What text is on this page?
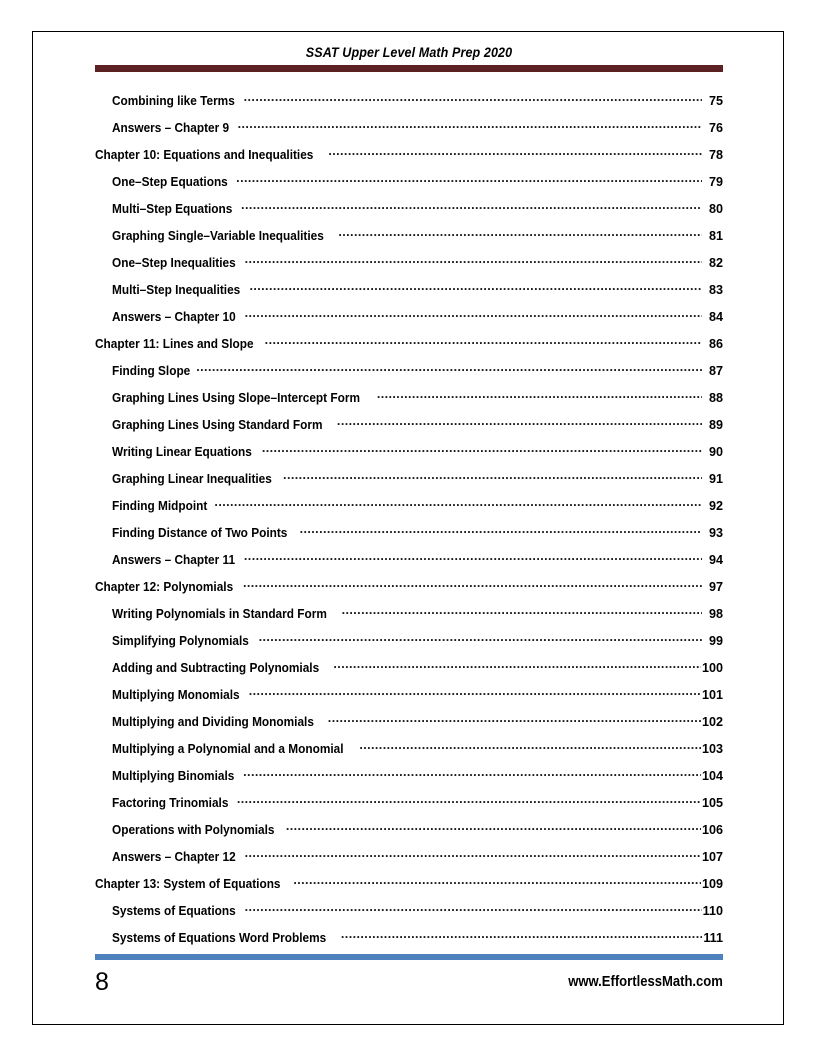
SSAT Upper Level Math Prep 2020
Combining like Terms .....	75
Answers – Chapter 9 .....	76
Chapter 10: Equations and Inequalities .....	78
One–Step Equations .....	79
Multi–Step Equations .....	80
Graphing Single–Variable Inequalities .....	81
One–Step Inequalities .....	82
Multi–Step Inequalities .....	83
Answers – Chapter 10 .....	84
Chapter 11: Lines and Slope .....	86
Finding Slope .....	87
Graphing Lines Using Slope–Intercept Form .....	88
Graphing Lines Using Standard Form .....	89
Writing Linear Equations .....	90
Graphing Linear Inequalities .....	91
Finding Midpoint .....	92
Finding Distance of Two Points .....	93
Answers – Chapter 11 .....	94
Chapter 12: Polynomials .....	97
Writing Polynomials in Standard Form .....	98
Simplifying Polynomials .....	99
Adding and Subtracting Polynomials .....	100
Multiplying Monomials .....	101
Multiplying and Dividing Monomials .....	102
Multiplying a Polynomial and a Monomial .....	103
Multiplying Binomials .....	104
Factoring Trinomials .....	105
Operations with Polynomials .....	106
Answers – Chapter 12 .....	107
Chapter 13: System of Equations .....	109
Systems of Equations .....	110
Systems of Equations Word Problems .....	111
8	www.EffortlessMath.com
